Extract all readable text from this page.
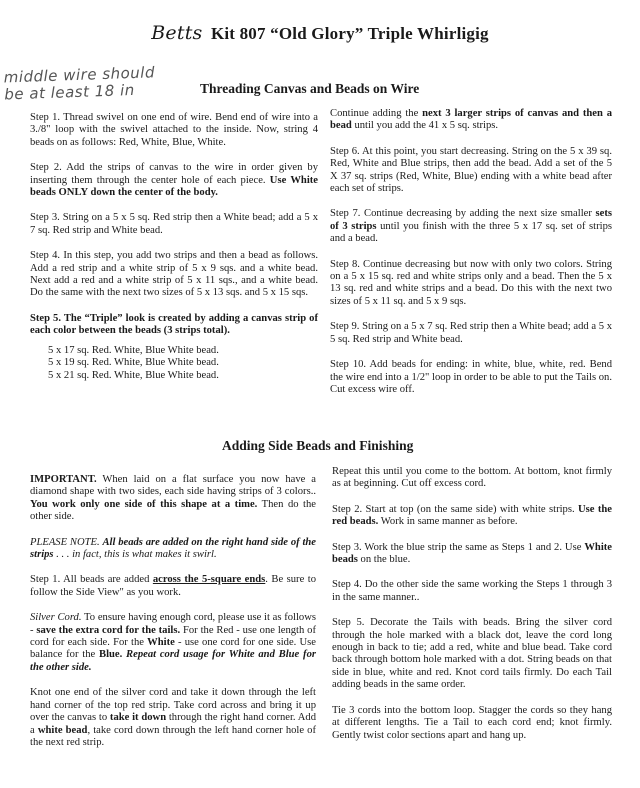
Betts Kit 807 “Old Glory” Triple Whirligig
middle wire should
be at least 18 in	Threading Canvas and Beads on Wire

Step 1. Thread swivel on one end of wire. Bend end of wire into a 3./8" loop with the swivel attached to the inside. Now, string 4 beads on as follows: Red, White, Blue, White.

Step 2. Add the strips of canvas to the wire in order given by inserting them through the center hole of each piece. Use White beads ONLY down the center of the body.

Step 3. String on a 5 x 5 sq. Red strip then a White bead; add a 5 x 7 sq. Red strip and White bead.

Step 4. In this step, you add two strips and then a bead as follows. Add a red strip and a white strip of 5 x 9 sqs. and a white bead. Next add a red and a white strip of 5 x 11 sqs., and a white bead. Do the same with the next two sizes of 5 x 13 sqs. and 5 x 15 sqs.

Step 5. The “Triple” look is created by adding a canvas strip of each color between the beads (3 strips total).

5 x 17 sq. Red. White, Blue White bead.
5 x 19 sq. Red. White, Blue White bead.
5 x 21 sq. Red. White, Blue White bead.

Continue adding the next 3 larger strips of canvas and then a bead until you add the 41 x 5 sq. strips.

Step 6. At this point, you start decreasing. String on the 5 x 39 sq. Red, White and Blue strips, then add the bead. Add a set of the 5 X 37 sq. strips (Red, White, Blue) ending with a white bead after each set of strips.

Step 7. Continue decreasing by adding the next size smaller sets of 3 strips until you finish with the three 5 x 17 sq. set of strips and a bead.

Step 8. Continue decreasing but now with only two colors. String on a 5 x 15 sq. red and white strips only and a bead. Then the 5 x 13 sq. red and white strips and a bead. Do this with the next two sizes of 5 x 11 sq. and 5 x 9 sqs.

Step 9. String on a 5 x 7 sq. Red strip then a White bead; add a 5 x 5 sq. Red strip and White bead.

Step 10. Add beads for ending: in white, blue, white, red. Bend the wire end into a 1/2" loop in order to be able to put the Tails on. Cut excess wire off.

Adding Side Beads and Finishing

IMPORTANT. When laid on a flat surface you now have a diamond shape with two sides, each side having strips of 3 colors.. You work only one side of this shape at a time. Then do the other side.

PLEASE NOTE. All beads are added on the right hand side of the strips . . . in fact, this is what makes it swirl.

Step 1. All beads are added across the 5-square ends. Be sure to follow the Side View" as you work.

Silver Cord. To ensure having enough cord, please use it as follows - save the extra cord for the tails. For the Red - use one length of cord for each side. For the White - use one cord for one side. Use balance for the Blue. Repeat cord usage for White and Blue for the other side.

Knot one end of the silver cord and take it down through the left hand corner of the top red strip. Take cord across and bring it up over the canvas to take it down through the right hand corner. Add a white bead, take cord down through the left hand corner hole of the next red strip.

Repeat this until you come to the bottom. At bottom, knot firmly as at beginning. Cut off excess cord.

Step 2. Start at top (on the same side) with white strips. Use the red beads. Work in same manner as before.

Step 3. Work the blue strip the same as Steps 1 and 2. Use White beads on the blue.

Step 4. Do the other side the same working the Steps 1 through 3 in the same manner..

Step 5. Decorate the Tails with beads. Bring the silver cord through the hole marked with a black dot, leave the cord long enough in back to tie; add a red, white and blue bead. Take cord back through bottom hole marked with a dot. String beads on that side in blue, white and red. Knot cord tails firmly. Do each Tail adding beads in the same order.

Tie 3 cords into the bottom loop. Stagger the cords so they hang at different lengths. Tie a Tail to each cord end; knot firmly. Gently twist color sections apart and hang up.
